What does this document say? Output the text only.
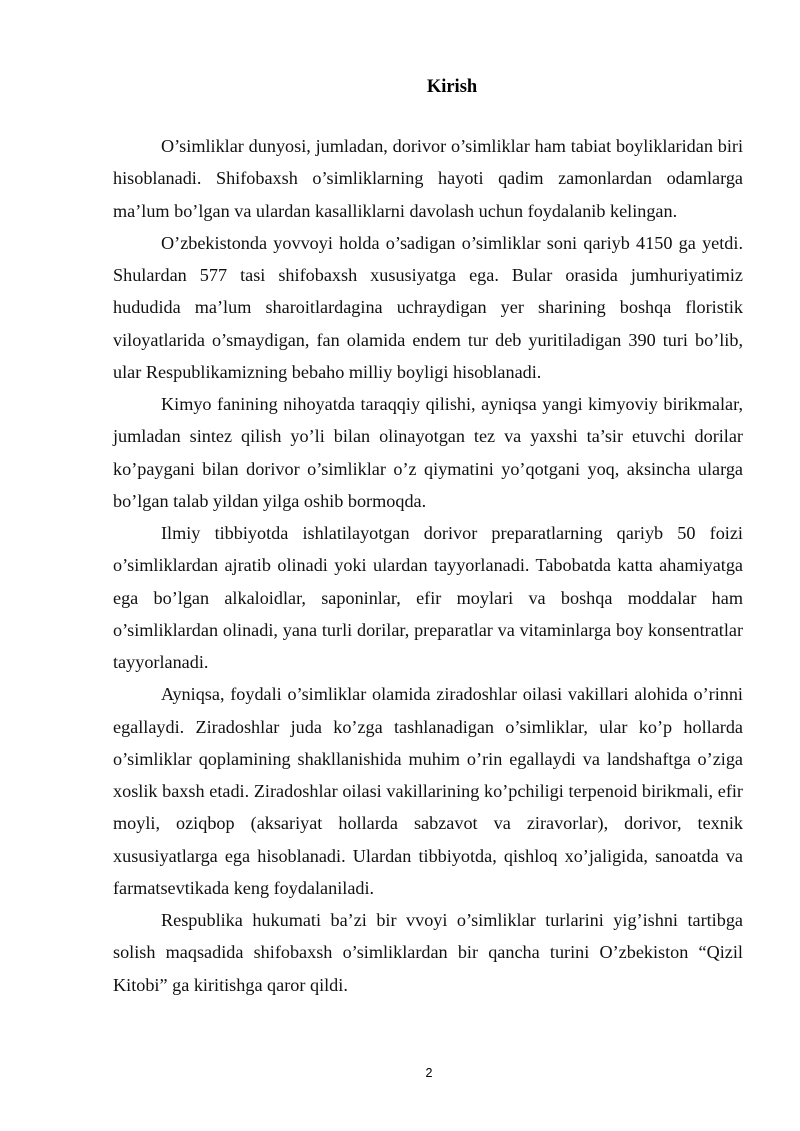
Kirish

O’simliklar dunyosi, jumladan, dorivor o’simliklar ham tabiat boyliklaridan biri hisoblanadi. Shifobaxsh o’simliklarning hayoti qadim zamonlardan odamlarga ma’lum bo’lgan va ulardan kasalliklarni davolash uchun foydalanib kelingan.

O’zbekistonda yovvoyi holda o’sadigan o’simliklar soni qariyb 4150 ga yetdi. Shulardan 577 tasi shifobaxsh xususiyatga ega. Bular orasida jumhuriyatimiz hududida ma’lum sharoitlardagina uchraydigan yer sharining boshqa floristik viloyatlarida o’smaydigan, fan olamida endem tur deb yuritiladigan 390 turi bo’lib, ular Respublikamizning bebaho milliy boyligi hisoblanadi.

Kimyo fanining nihoyatda taraqqiy qilishi, ayniqsa yangi kimyoviy birikmalar, jumladan sintez qilish yo’li bilan olinayotgan tez va yaxshi ta’sir etuvchi dorilar ko’paygani bilan dorivor o’simliklar o’z qiymatini yo’qotgani yoq, aksincha ularga bo’lgan talab yildan yilga oshib bormoqda.

Ilmiy tibbiyotda ishlatilayotgan dorivor preparatlarning qariyb 50 foizi o’simliklardan ajratib olinadi yoki ulardan tayyorlanadi. Tabobatda katta ahamiyatga ega bo’lgan alkaloidlar, saponinlar, efir moylari va boshqa moddalar ham o’simliklardan olinadi, yana turli dorilar, preparatlar va vitaminlarga boy konsentratlar tayyorlanadi.

Ayniqsa, foydali o’simliklar olamida ziradoshlar oilasi vakillari alohida o’rinni egallaydi. Ziradoshlar juda ko’zga tashlanadigan o’simliklar, ular ko’p hollarda o’simliklar qoplamining shakllanishida muhim o’rin egallaydi va landshaftga o’ziga xoslik baxsh etadi. Ziradoshlar oilasi vakillarining ko’pchiligi terpenoid birikmali, efir moyli, oziqbop (aksariyat hollarda sabzavot va ziravorlar), dorivor, texnik xususiyatlarga ega hisoblanadi. Ulardan tibbiyotda, qishloq xo’jaligida, sanoatda va farmatsevtikada keng foydalaniladi.

Respublika hukumati ba’zi bir vvoyi o’simliklar turlarini yig’ishni tartibga solish maqsadida shifobaxsh o’simliklardan bir qancha turini O’zbekiston “Qizil Kitobi” ga kiritishga qaror qildi.

2
